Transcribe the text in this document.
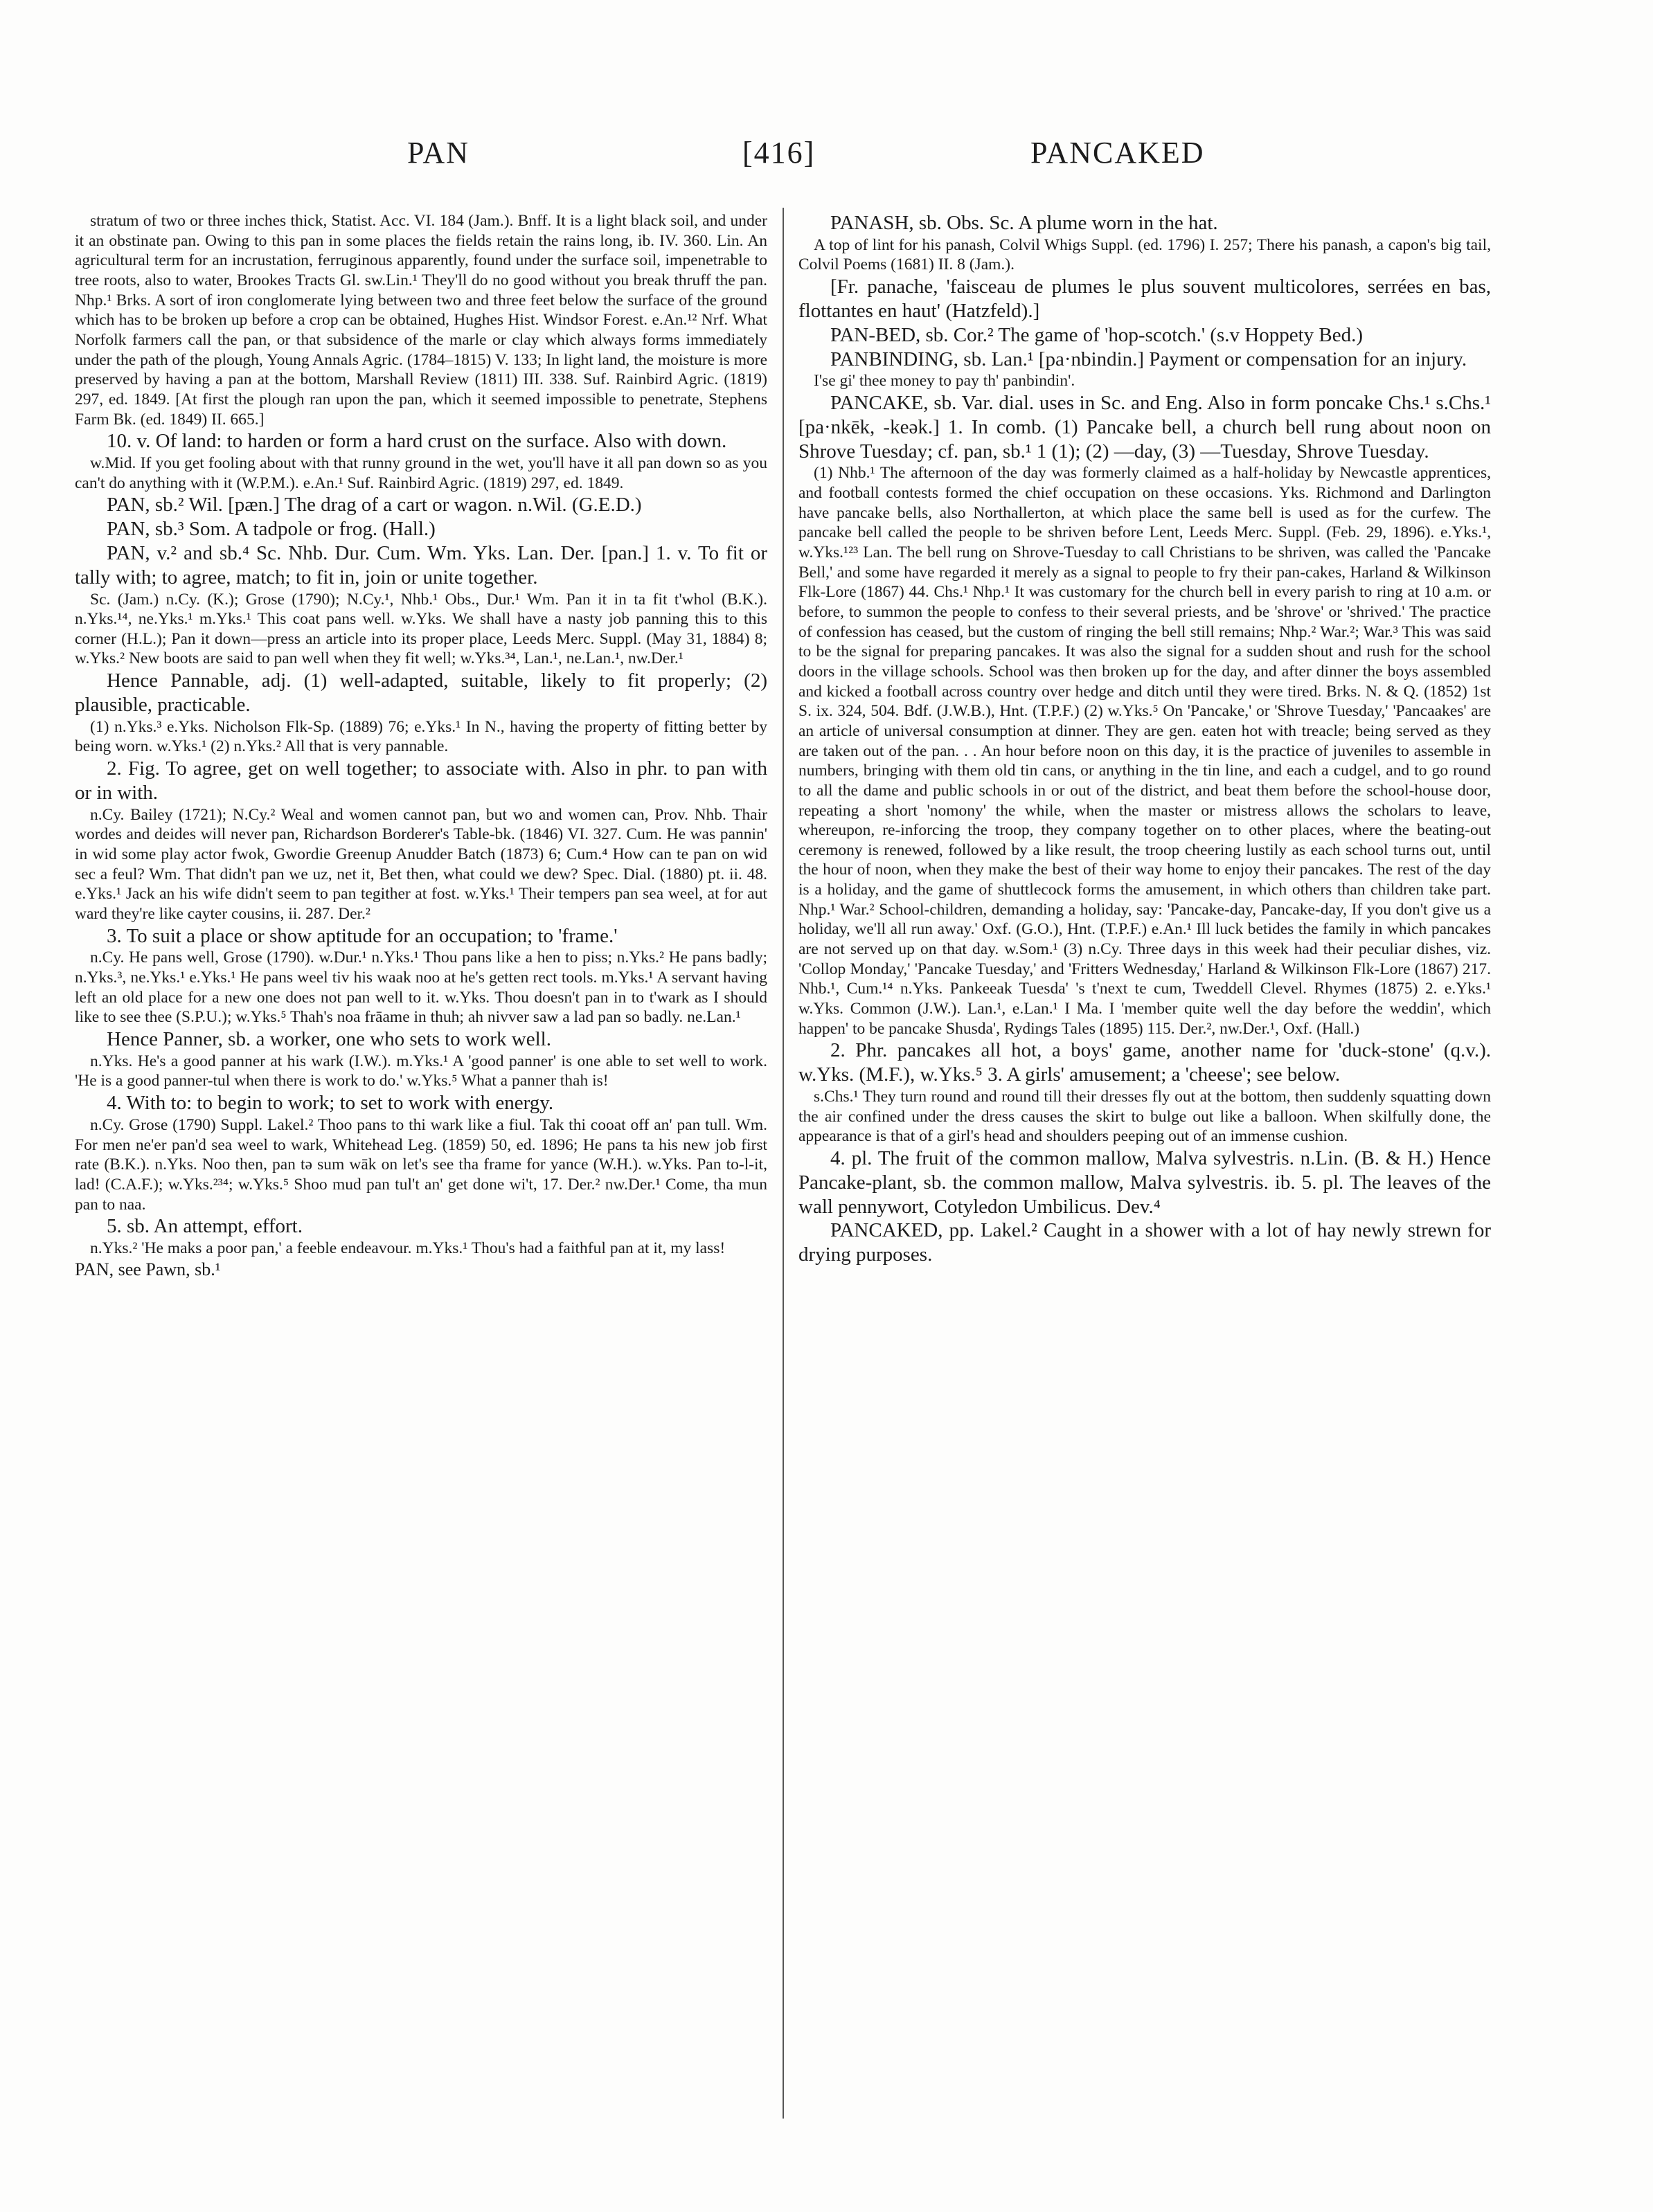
PAN	[416]	PANCAKED

stratum of two or three inches thick, Statist. Acc. VI. 184 (Jam.). Bnff. It is a light black soil, and under it an obstinate pan. Owing to this pan in some places the fields retain the rains long, ib. IV. 360. Lin. An agricultural term for an incrustation, ferruginous apparently, found under the surface soil, impenetrable to tree roots, also to water, Brookes Tracts Gl. sw.Lin.¹ They'll do no good without you break thruff the pan. Nhp.¹ Brks. A sort of iron conglomerate lying between two and three feet below the surface of the ground which has to be broken up before a crop can be obtained, Hughes Hist. Windsor Forest. e.An.¹² Nrf. What Norfolk farmers call the pan, or that subsidence of the marle or clay which always forms immediately under the path of the plough, Young Annals Agric. (1784–1815) V. 133; In light land, the moisture is more preserved by having a pan at the bottom, Marshall Review (1811) III. 338. Suf. Rainbird Agric. (1819) 297, ed. 1849. [At first the plough ran upon the pan, which it seemed impossible to penetrate, Stephens Farm Bk. (ed. 1849) II. 665.]

10. v. Of land: to harden or form a hard crust on the surface. Also with down.

w.Mid. If you get fooling about with that runny ground in the wet, you'll have it all pan down so as you can't do anything with it (W.P.M.). e.An.¹ Suf. Rainbird Agric. (1819) 297, ed. 1849.

PAN, sb.² Wil. [pæn.] The drag of a cart or wagon. n.Wil. (G.E.D.)

PAN, sb.³ Som. A tadpole or frog. (Hall.)

PAN, v.² and sb.⁴ Sc. Nhb. Dur. Cum. Wm. Yks. Lan. Der. [pan.] 1. v. To fit or tally with; to agree, match; to fit in, join or unite together.

Sc. (Jam.) n.Cy. (K.); Grose (1790); N.Cy.¹, Nhb.¹ Obs., Dur.¹ Wm. Pan it in ta fit t'whol (B.K.). n.Yks.¹⁴, ne.Yks.¹ m.Yks.¹ This coat pans well. w.Yks. We shall have a nasty job panning this to this corner (H.L.); Pan it down—press an article into its proper place, Leeds Merc. Suppl. (May 31, 1884) 8; w.Yks.² New boots are said to pan well when they fit well; w.Yks.³⁴, Lan.¹, ne.Lan.¹, nw.Der.¹

Hence Pannable, adj. (1) well-adapted, suitable, likely to fit properly; (2) plausible, practicable.

(1) n.Yks.³ e.Yks. Nicholson Flk-Sp. (1889) 76; e.Yks.¹ In N., having the property of fitting better by being worn. w.Yks.¹ (2) n.Yks.² All that is very pannable.

2. Fig. To agree, get on well together; to associate with. Also in phr. to pan with or in with.

n.Cy. Bailey (1721); N.Cy.² Weal and women cannot pan, but wo and women can, Prov. Nhb. Thair wordes and deides will never pan, Richardson Borderer's Table-bk. (1846) VI. 327. Cum. He was pannin' in wid some play actor fwok, Gwordie Greenup Anudder Batch (1873) 6; Cum.⁴ How can te pan on wid sec a feul? Wm. That didn't pan we uz, net it, Bet then, what could we dew? Spec. Dial. (1880) pt. ii. 48. e.Yks.¹ Jack an his wife didn't seem to pan tegither at fost. w.Yks.¹ Their tempers pan sea weel, at for aut ward they're like cayter cousins, ii. 287. Der.²

3. To suit a place or show aptitude for an occupation; to 'frame.'

n.Cy. He pans well, Grose (1790). w.Dur.¹ n.Yks.¹ Thou pans like a hen to piss; n.Yks.² He pans badly; n.Yks.³, ne.Yks.¹ e.Yks.¹ He pans weel tiv his waak noo at he's getten rect tools. m.Yks.¹ A servant having left an old place for a new one does not pan well to it. w.Yks. Thou doesn't pan in to t'wark as I should like to see thee (S.P.U.); w.Yks.⁵ Thah's noa frāame in thuh; ah nivver saw a lad pan so badly. ne.Lan.¹

Hence Panner, sb. a worker, one who sets to work well.

n.Yks. He's a good panner at his wark (I.W.). m.Yks.¹ A 'good panner' is one able to set well to work. 'He is a good panner-tul when there is work to do.' w.Yks.⁵ What a panner thah is!

4. With to: to begin to work; to set to work with energy.

n.Cy. Grose (1790) Suppl. Lakel.² Thoo pans to thi wark like a fiul. Tak thi cooat off an' pan tull. Wm. For men ne'er pan'd sea weel to wark, Whitehead Leg. (1859) 50, ed. 1896; He pans ta his new job first rate (B.K.). n.Yks. Noo then, pan tə sum wāk on let's see tha frame for yance (W.H.). w.Yks. Pan to-l-it, lad! (C.A.F.); w.Yks.²³⁴; w.Yks.⁵ Shoo mud pan tul't an' get done wi't, 17. Der.² nw.Der.¹ Come, tha mun pan to naa.

5. sb. An attempt, effort.

n.Yks.² 'He maks a poor pan,' a feeble endeavour. m.Yks.¹ Thou's had a faithful pan at it, my lass!

PAN, see Pawn, sb.¹

PANASH, sb. Obs. Sc. A plume worn in the hat.

A top of lint for his panash, Colvil Whigs Suppl. (ed. 1796) I. 257; There his panash, a capon's big tail, Colvil Poems (1681) II. 8 (Jam.).

[Fr. panache, 'faisceau de plumes le plus souvent multicolores, serrées en bas, flottantes en haut' (Hatzfeld).]

PAN-BED, sb. Cor.² The game of 'hop-scotch.' (s.v Hoppety Bed.)

PANBINDING, sb. Lan.¹ [pa·nbindin.] Payment or compensation for an injury.

I'se gi' thee money to pay th' panbindin'.

PANCAKE, sb. Var. dial. uses in Sc. and Eng. Also in form poncake Chs.¹ s.Chs.¹ [pa·nkēk, -keək.] 1. In comb. (1) Pancake bell, a church bell rung about noon on Shrove Tuesday; cf. pan, sb.¹ 1 (1); (2) —day, (3) —Tuesday, Shrove Tuesday.

(1) Nhb.¹ The afternoon of the day was formerly claimed as a half-holiday by Newcastle apprentices, and football contests formed the chief occupation on these occasions. Yks. Richmond and Darlington have pancake bells, also Northallerton, at which place the same bell is used as for the curfew. The pancake bell called the people to be shriven before Lent, Leeds Merc. Suppl. (Feb. 29, 1896). e.Yks.¹, w.Yks.¹²³ Lan. The bell rung on Shrove-Tuesday to call Christians to be shriven, was called the 'Pancake Bell,' and some have regarded it merely as a signal to people to fry their pan-cakes, Harland & Wilkinson Flk-Lore (1867) 44. Chs.¹ Nhp.¹ It was customary for the church bell in every parish to ring at 10 a.m. or before, to summon the people to confess to their several priests, and be 'shrove' or 'shrived.' The practice of confession has ceased, but the custom of ringing the bell still remains; Nhp.² War.²; War.³ This was said to be the signal for preparing pancakes. It was also the signal for a sudden shout and rush for the school doors in the village schools. School was then broken up for the day, and after dinner the boys assembled and kicked a football across country over hedge and ditch until they were tired. Brks. N. & Q. (1852) 1st S. ix. 324, 504. Bdf. (J.W.B.), Hnt. (T.P.F.) (2) w.Yks.⁵ On 'Pancake,' or 'Shrove Tuesday,' 'Pancaakes' are an article of universal consumption at dinner. They are gen. eaten hot with treacle; being served as they are taken out of the pan. . . An hour before noon on this day, it is the practice of juveniles to assemble in numbers, bringing with them old tin cans, or anything in the tin line, and each a cudgel, and to go round to all the dame and public schools in or out of the district, and beat them before the school-house door, repeating a short 'nomony' the while, when the master or mistress allows the scholars to leave, whereupon, re-inforcing the troop, they company together on to other places, where the beating-out ceremony is renewed, followed by a like result, the troop cheering lustily as each school turns out, until the hour of noon, when they make the best of their way home to enjoy their pancakes. The rest of the day is a holiday, and the game of shuttlecock forms the amusement, in which others than children take part. Nhp.¹ War.² School-children, demanding a holiday, say: 'Pancake-day, Pancake-day, If you don't give us a holiday, we'll all run away.' Oxf. (G.O.), Hnt. (T.P.F.) e.An.¹ Ill luck betides the family in which pancakes are not served up on that day. w.Som.¹ (3) n.Cy. Three days in this week had their peculiar dishes, viz. 'Collop Monday,' 'Pancake Tuesday,' and 'Fritters Wednesday,' Harland & Wilkinson Flk-Lore (1867) 217. Nhb.¹, Cum.¹⁴ n.Yks. Pankeeak Tuesda' 's t'next te cum, Tweddell Clevel. Rhymes (1875) 2. e.Yks.¹ w.Yks. Common (J.W.). Lan.¹, e.Lan.¹ I Ma. I 'member quite well the day before the weddin', which happen' to be pancake Shusda', Rydings Tales (1895) 115. Der.², nw.Der.¹, Oxf. (Hall.)

2. Phr. pancakes all hot, a boys' game, another name for 'duck-stone' (q.v.). w.Yks. (M.F.), w.Yks.⁵ 3. A girls' amusement; a 'cheese'; see below.

s.Chs.¹ They turn round and round till their dresses fly out at the bottom, then suddenly squatting down the air confined under the dress causes the skirt to bulge out like a balloon. When skilfully done, the appearance is that of a girl's head and shoulders peeping out of an immense cushion.

4. pl. The fruit of the common mallow, Malva sylvestris. n.Lin. (B. & H.) Hence Pancake-plant, sb. the common mallow, Malva sylvestris. ib. 5. pl. The leaves of the wall pennywort, Cotyledon Umbilicus. Dev.⁴

PANCAKED, pp. Lakel.² Caught in a shower with a lot of hay newly strewn for drying purposes.
